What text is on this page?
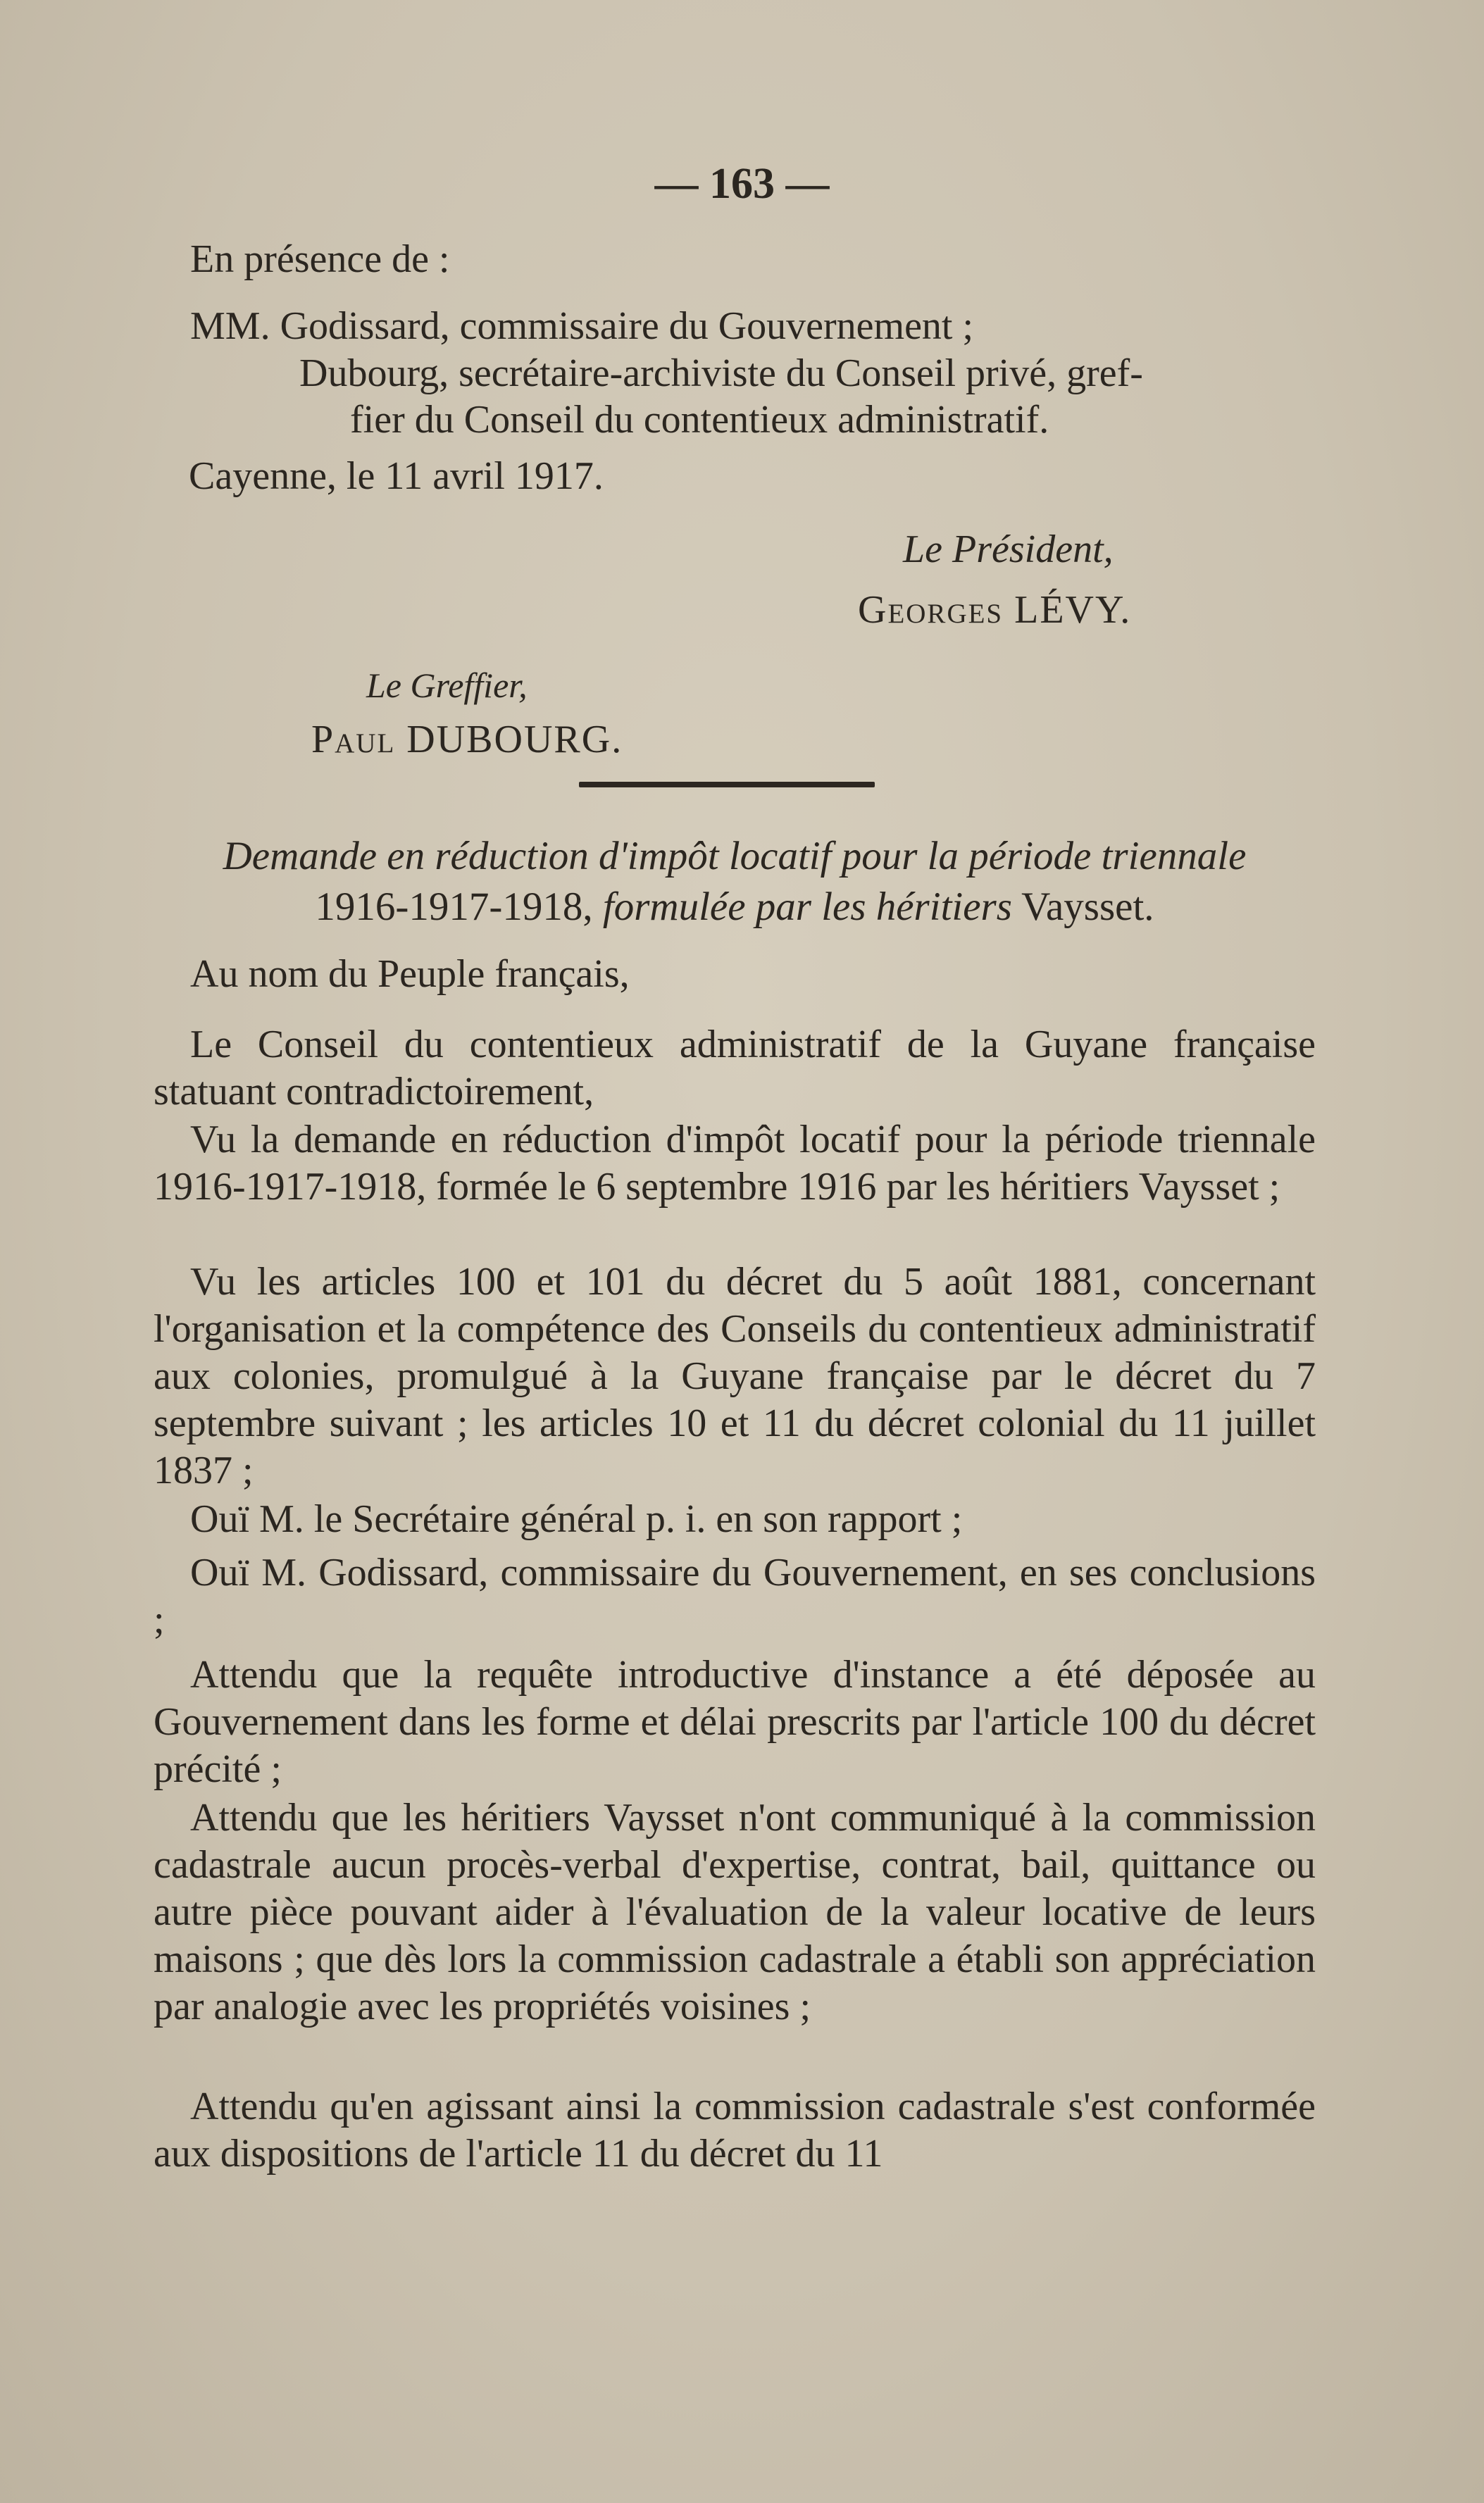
— 163 —
En présence de :
MM. Godissard, commissaire du Gouvernement ;
Dubourg, secrétaire-archiviste du Conseil privé, gref-
fier du Conseil du contentieux administratif.
Cayenne, le 11 avril 1917.
Le Président,
Georges LÉVY.
Le Greffier,
Paul DUBOURG.
Demande en réduction d'impôt locatif pour la période triennale
1916-1917-1918, formulée par les héritiers Vaysset.
Au nom du Peuple français,
Le Conseil du contentieux administratif de la Guyane française statuant contradictoirement,
Vu la demande en réduction d'impôt locatif pour la période triennale 1916-1917-1918, formée le 6 septembre 1916 par les héritiers Vaysset ;
Vu les articles 100 et 101 du décret du 5 août 1881, concernant l'organisation et la compétence des Conseils du contentieux administratif aux colonies, promulgué à la Guyane française par le décret du 7 septembre suivant ; les articles 10 et 11 du décret colonial du 11 juillet 1837 ;
Ouï M. le Secrétaire général p. i. en son rapport ;
Ouï M. Godissard, commissaire du Gouvernement, en ses conclusions ;
Attendu que la requête introductive d'instance a été déposée au Gouvernement dans les forme et délai prescrits par l'article 100 du décret précité ;
Attendu que les héritiers Vaysset n'ont communiqué à la commission cadastrale aucun procès-verbal d'expertise, contrat, bail, quittance ou autre pièce pouvant aider à l'évaluation de la valeur locative de leurs maisons ; que dès lors la commission cadastrale a établi son appréciation par analogie avec les propriétés voisines ;
Attendu qu'en agissant ainsi la commission cadastrale s'est conformée aux dispositions de l'article 11 du décret du 11
